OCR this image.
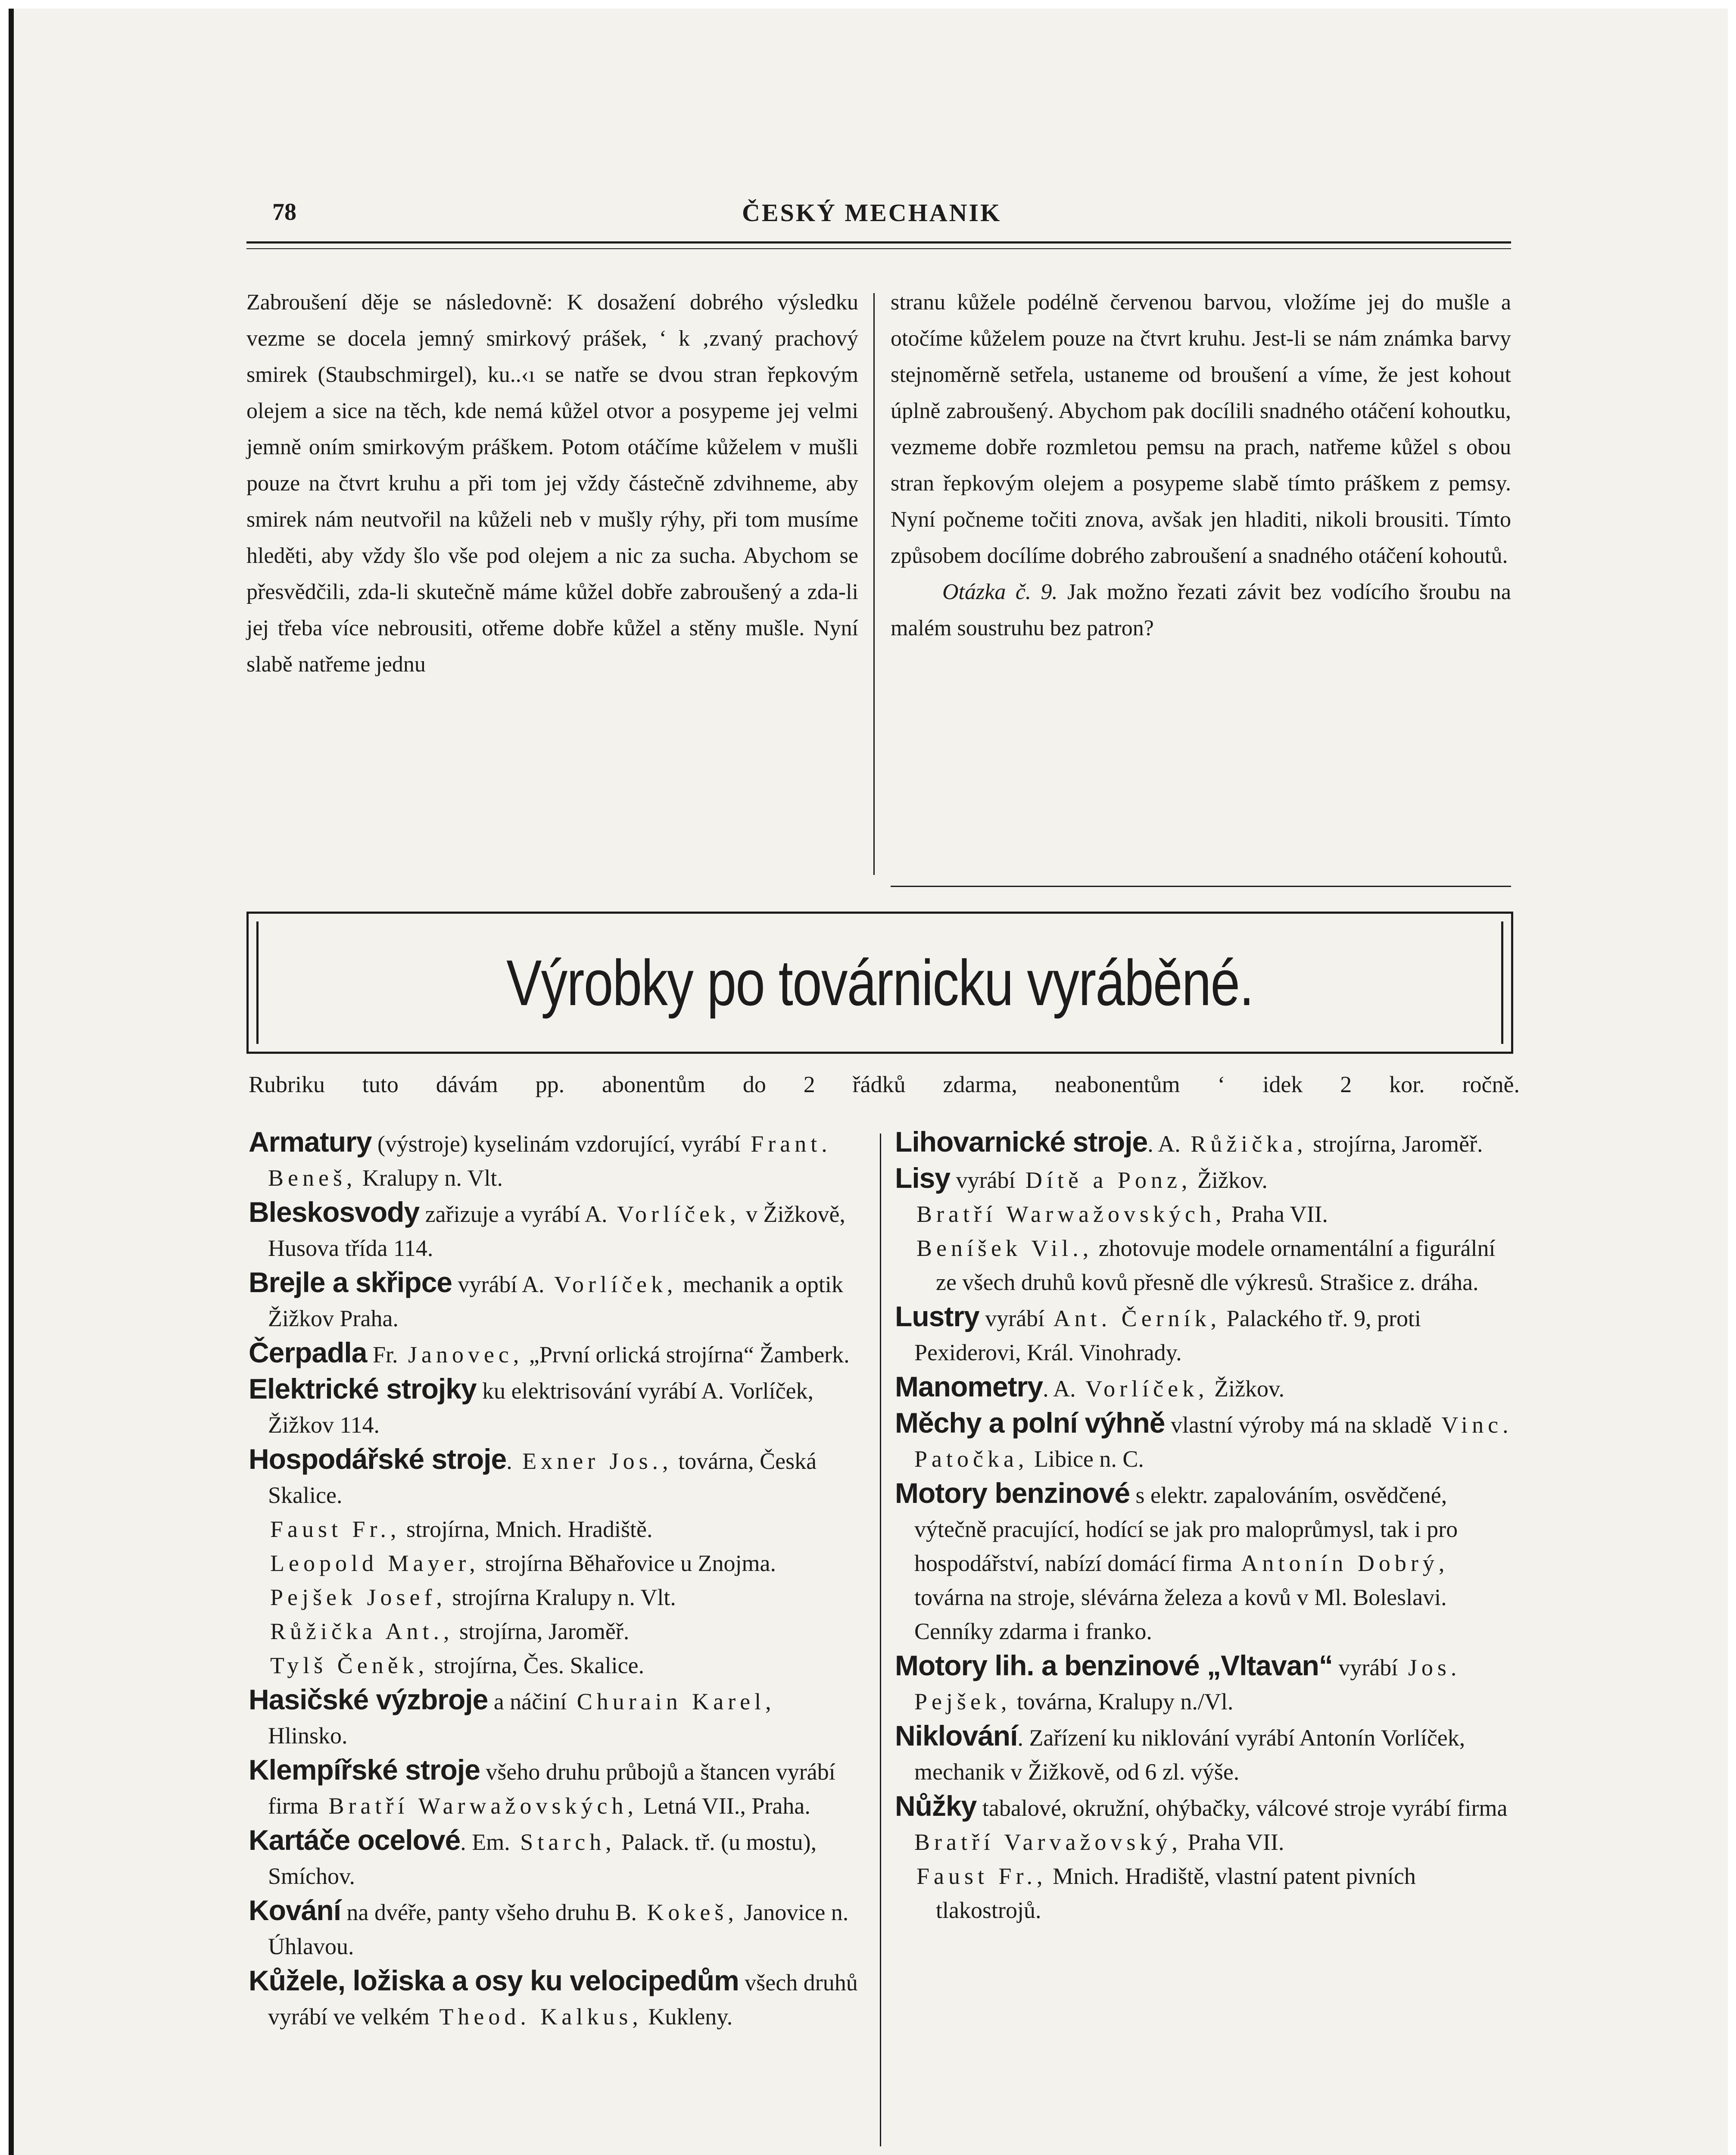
78	ČESKÝ MECHANIK

Zabroušení děje se následovně: K dosažení dobrého výsledku vezme se docela jemný smirkový prášek, ‘ k ‚zvaný prachový smirek (Staubschmirgel), ku..‹ı se natře se dvou stran řepkovým olejem a sice na těch, kde nemá kůžel otvor a posypeme jej velmi jemně oním smirkovým práškem. Potom otáčíme kůželem v mušli pouze na čtvrt kruhu a při tom jej vždy částečně zdvihneme, aby smirek nám neutvořil na kůželi neb v mušly rýhy, při tom musíme hleděti, aby vždy šlo vše pod olejem a nic za sucha. Abychom se přesvědčili, zda-li skutečně máme kůžel dobře zabroušený a zda-li jej třeba více nebrousiti, otřeme dobře kůžel a stěny mušle. Nyní slabě natřeme jednu

stranu kůžele podélně červenou barvou, vložíme jej do mušle a otočíme kůželem pouze na čtvrt kruhu. Jest-li se nám známka barvy stejnoměrně setřela, ustaneme od broušení a víme, že jest kohout úplně zabroušený. Abychom pak docílili snadného otáčení kohoutku, vezmeme dobře rozmletou pemsu na prach, natřeme kůžel s obou stran řepkovým olejem a posypeme slabě tímto práškem z pemsy. Nyní počneme točiti znova, avšak jen hladiti, nikoli brousiti. Tímto způsobem docílíme dobrého zabroušení a snadného otáčení kohoutů.

Otázka č. 9. Jak možno řezati závit bez vodícího šroubu na malém soustruhu bez patron?

Výrobky po továrnicku vyráběné.
Rubriku tuto dávám pp. abonentům do 2 řádků zdarma, neabonentům ‘ idek 2 kor. ročně.

Armatury (výstroje) kyselinám vzdorující, vyrábí Frant. Beneš, Kralupy n. Vlt.

Bleskosvody zařizuje a vyrábí A. Vorlíček, v Žižkově, Husova třída 114.

Brejle a skřipce vyrábí A. Vorlíček, mechanik a optik Žižkov Praha.

Čerpadla Fr. Janovec, „První orlická strojírna“ Žamberk.

Elektrické strojky ku elektrisování vyrábí A. Vorlíček, Žižkov 114.

Hospodářské stroje. Exner Jos., továrna, Česká Skalice.

Faust Fr., strojírna, Mnich. Hradiště.

Leopold Mayer, strojírna Běhařovice u Znojma.

Pejšek Josef, strojírna Kralupy n. Vlt.

Růžička Ant., strojírna, Jaroměř.

Tylš Čeněk, strojírna, Čes. Skalice.

Hasičské výzbroje a náčiní Churain Karel, Hlinsko.

Klempířské stroje všeho druhu průbojů a štancen vyrábí firma Bratří Warwažovských, Letná VII., Praha.

Kartáče ocelové. Em. Starch, Palack. tř. (u mostu), Smíchov.

Kování na dvéře, panty všeho druhu B. Kokeš, Janovice n. Úhlavou.

Kůžele, ložiska a osy ku velocipedům všech druhů vyrábí ve velkém Theod. Kalkus, Kukleny.

Lihovarnické stroje. A. Růžička, strojírna, Jaroměř.

Lisy vyrábí Dítě a Ponz, Žižkov.

Bratří Warwažovských, Praha VII.

Beníšek Vil., zhotovuje modele ornamentální a figurální ze všech druhů kovů přesně dle výkresů. Strašice z. dráha.

Lustry vyrábí Ant. Černík, Palackého tř. 9, proti Pexiderovi, Král. Vinohrady.

Manometry. A. Vorlíček, Žižkov.

Měchy a polní výhně vlastní výroby má na skladě Vinc. Patočka, Libice n. C.

Motory benzinové s elektr. zapalováním, osvědčené, výtečně pracující, hodící se jak pro maloprůmysl, tak i pro hospodářství, nabízí domácí firma Antonín Dobrý, továrna na stroje, slévárna železa a kovů v Ml. Boleslavi. Cenníky zdarma i franko.

Motory lih. a benzinové „Vltavan“ vyrábí Jos. Pejšek, továrna, Kralupy n./Vl.

Niklování. Zařízení ku niklování vyrábí Antonín Vorlíček, mechanik v Žižkově, od 6 zl. výše.

Nůžky tabalové, okružní, ohýbačky, válcové stroje vyrábí firma Bratří Varvažovský, Praha VII.

Faust Fr., Mnich. Hradiště, vlastní patent pivních tlakostrojů.
